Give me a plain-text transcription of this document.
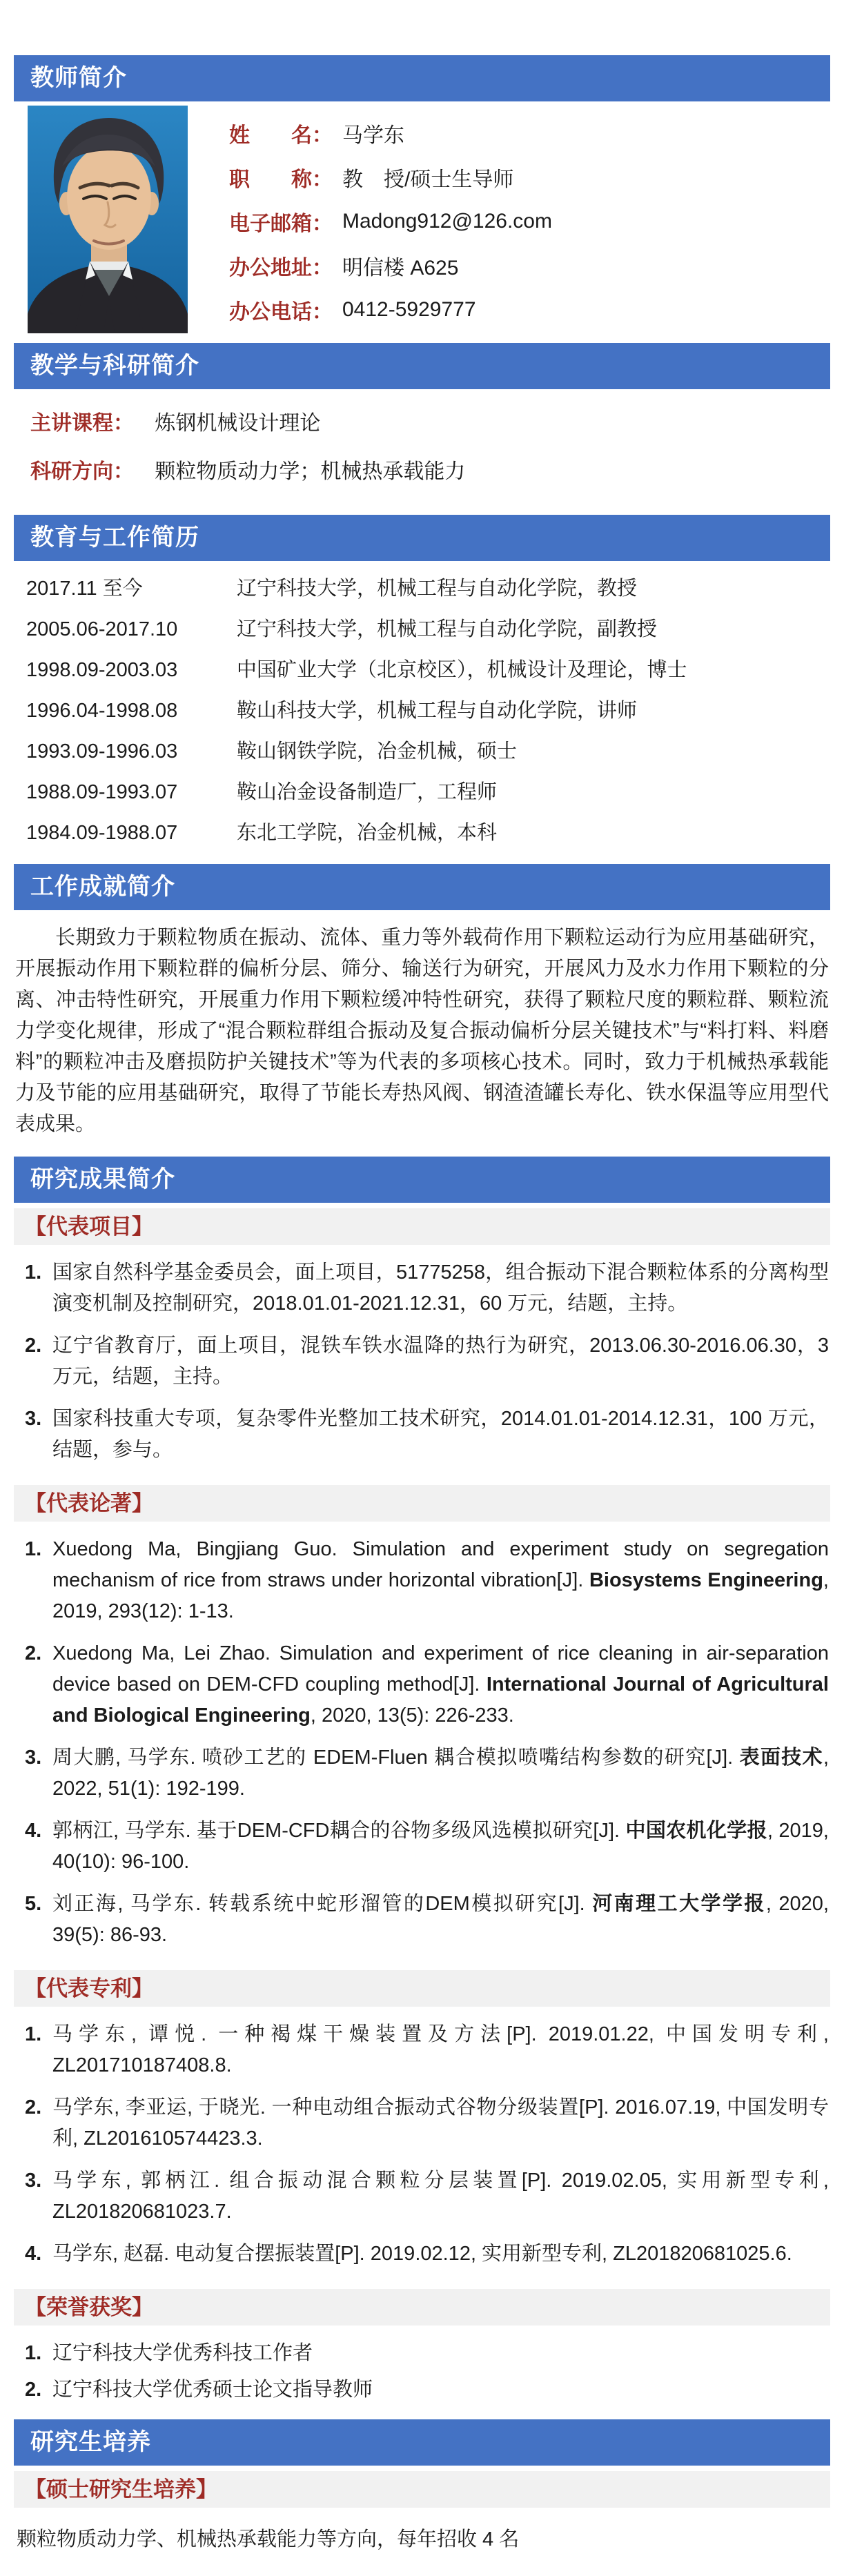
教师简介
姓　　名： 马学东
职　　称： 教　授/硕士生导师
电子邮箱： Madong912@126.com
办公地址： 明信楼 A625
办公电话： 0412-5929777
教学与科研简介
主讲课程： 炼钢机械设计理论
科研方向： 颗粒物质动力学；机械热承载能力
教育与工作简历
2017.11 至今	辽宁科技大学，机械工程与自动化学院，教授
2005.06-2017.10	辽宁科技大学，机械工程与自动化学院，副教授
1998.09-2003.03	中国矿业大学（北京校区），机械设计及理论，博士
1996.04-1998.08	鞍山科技大学，机械工程与自动化学院，讲师
1993.09-1996.03	鞍山钢铁学院，冶金机械，硕士
1988.09-1993.07	鞍山冶金设备制造厂，工程师
1984.09-1988.07	东北工学院，冶金机械，本科
工作成就简介

长期致力于颗粒物质在振动、流体、重力等外载荷作用下颗粒运动行为应用基础研究，开展振动作用下颗粒群的偏析分层、筛分、输送行为研究，开展风力及水力作用下颗粒的分离、冲击特性研究，开展重力作用下颗粒缓冲特性研究，获得了颗粒尺度的颗粒群、颗粒流力学变化规律，形成了“混合颗粒群组合振动及复合振动偏析分层关键技术”与“料打料、料磨料”的颗粒冲击及磨损防护关键技术”等为代表的多项核心技术。同时，致力于机械热承载能力及节能的应用基础研究，取得了节能长寿热风阀、钢渣渣罐长寿化、铁水保温等应用型代表成果。

研究成果简介
【代表项目】
1. 国家自然科学基金委员会，面上项目，51775258，组合振动下混合颗粒体系的分离构型演变机制及控制研究，2018.01.01-2021.12.31，60 万元，结题，主持。
2. 辽宁省教育厅，面上项目，混铁车铁水温降的热行为研究，2013.06.30-2016.06.30，3 万元，结题，主持。
3. 国家科技重大专项，复杂零件光整加工技术研究，2014.01.01-2014.12.31，100 万元，结题，参与。
【代表论著】
1. Xuedong Ma, Bingjiang Guo. Simulation and experiment study on segregation mechanism of rice from straws under horizontal vibration[J]. Biosystems Engineering, 2019, 293(12): 1-13.
2. Xuedong Ma, Lei Zhao. Simulation and experiment of rice cleaning in air-separation device based on DEM-CFD coupling method[J]. International Journal of Agricultural and Biological Engineering, 2020, 13(5): 226-233.
3. 周大鹏, 马学东. 喷砂工艺的 EDEM-Fluen 耦合模拟喷嘴结构参数的研究[J]. 表面技术, 2022, 51(1): 192-199.
4. 郭柄江, 马学东. 基于DEM-CFD耦合的谷物多级风选模拟研究[J]. 中国农机化学报, 2019, 40(10): 96-100.
5. 刘正海, 马学东. 转载系统中蛇形溜管的DEM模拟研究[J]. 河南理工大学学报, 2020, 39(5): 86-93.
【代表专利】
1. 马学东, 谭悦. 一种褐煤干燥装置及方法[P]. 2019.01.22, 中国发明专利, ZL201710187408.8.
2. 马学东, 李亚运, 于晓光. 一种电动组合振动式谷物分级装置[P]. 2016.07.19, 中国发明专利, ZL201610574423.3.
3. 马学东, 郭柄江. 组合振动混合颗粒分层装置[P]. 2019.02.05, 实用新型专利, ZL201820681023.7.
4. 马学东, 赵磊. 电动复合摆振装置[P]. 2019.02.12, 实用新型专利, ZL201820681025.6.
【荣誉获奖】
1. 辽宁科技大学优秀科技工作者
2. 辽宁科技大学优秀硕士论文指导教师
研究生培养
【硕士研究生培养】
颗粒物质动力学、机械热承载能力等方向，每年招收 4 名
